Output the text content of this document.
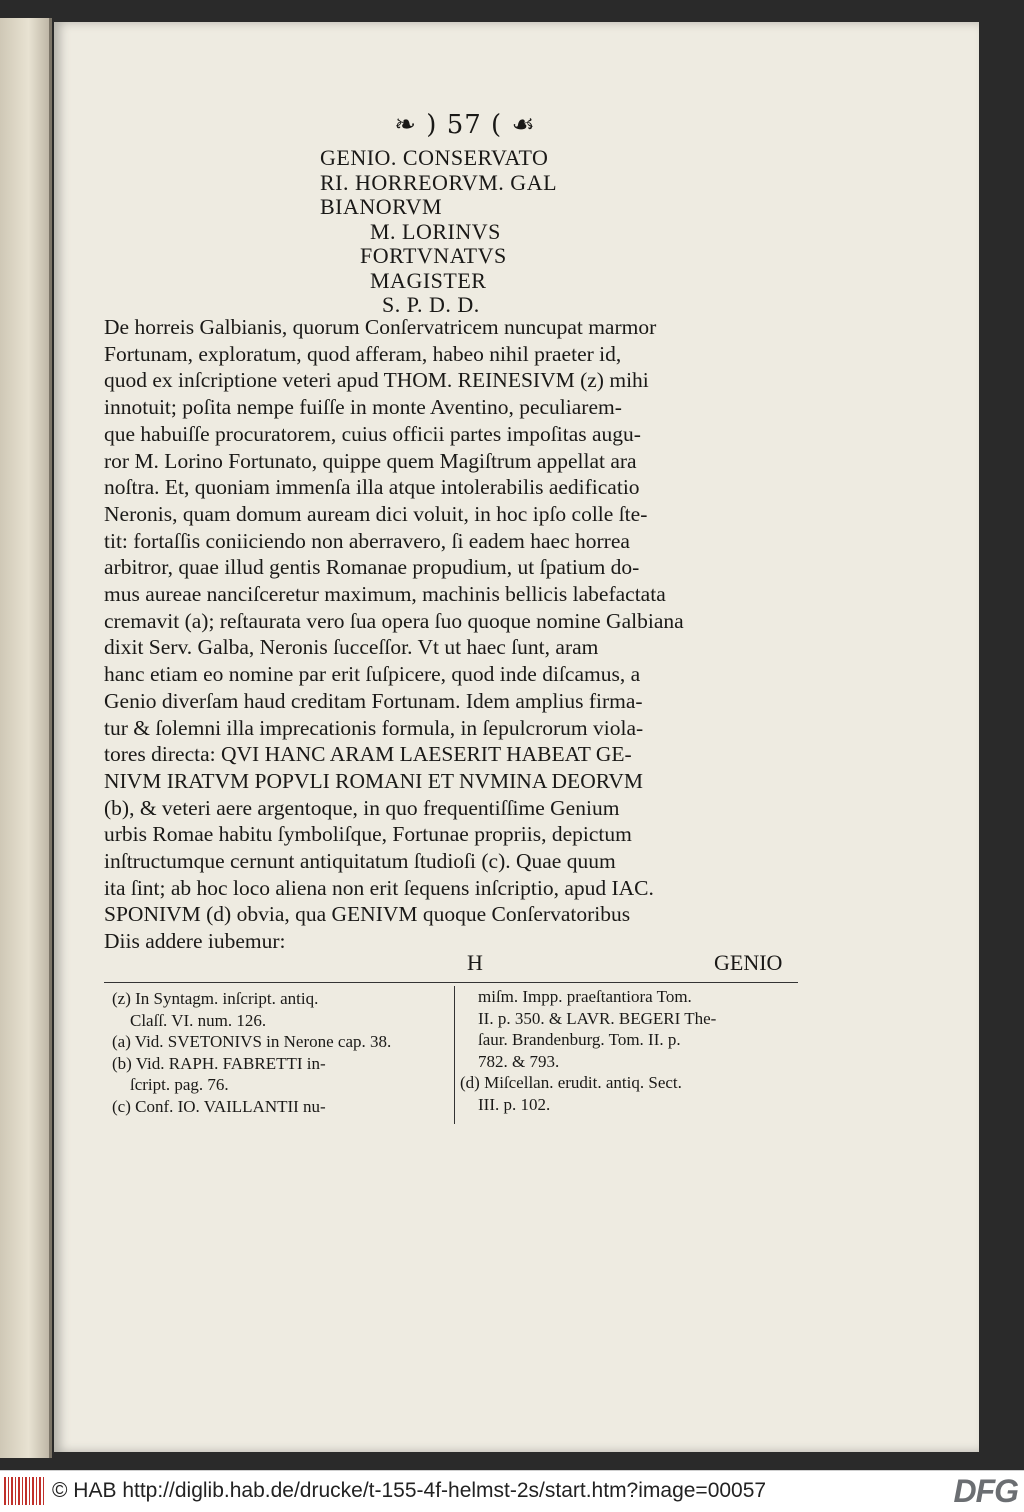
❧ ) 57 ( ☙
GENIO. CONSERVATO
RI. HORREORVM. GAL
BIANORVM
M. LORINVS
FORTVNATVS
MAGISTER
S. P. D. D.
De horreis Galbianis, quorum Conſervatricem nuncupat marmor
Fortunam, exploratum, quod afferam, habeo nihil praeter id,
quod ex inſcriptione veteri apud THOM. REINESIVM (z) mihi
innotuit; poſita nempe fuiſſe in monte Aventino, peculiarem-
que habuiſſe procuratorem, cuius officii partes impoſitas augu-
ror M. Lorino Fortunato, quippe quem Magiſtrum appellat ara
noſtra. Et, quoniam immenſa illa atque intolerabilis aedificatio
Neronis, quam domum auream dici voluit, in hoc ipſo colle ſte-
tit: fortaſſis coniiciendo non aberravero, ſi eadem haec horrea
arbitror, quae illud gentis Romanae propudium, ut ſpatium do-
mus aureae nanciſceretur maximum, machinis bellicis labefactata
cremavit (a); reſtaurata vero ſua opera ſuo quoque nomine Galbiana
dixit Serv. Galba, Neronis ſucceſſor. Vt ut haec ſunt, aram
hanc etiam eo nomine par erit ſuſpicere, quod inde diſcamus, a
Genio diverſam haud creditam Fortunam. Idem amplius firma-
tur & ſolemni illa imprecationis formula, in ſepulcrorum viola-
tores directa: QVI HANC ARAM LAESERIT HABEAT GE-
NIVM IRATVM POPVLI ROMANI ET NVMINA DEORVM
(b), & veteri aere argentoque, in quo frequentiſſime Genium
urbis Romae habitu ſymboliſque, Fortunae propriis, depictum
inſtructumque cernunt antiquitatum ſtudioſi (c). Quae quum
ita ſint; ab hoc loco aliena non erit ſequens inſcriptio, apud IAC.
SPONIVM (d) obvia, qua GENIVM quoque Conſervatoribus
Diis addere iubemur:
H	GENIO
(z) In Syntagm. inſcript. antiq.
Claſſ. VI. num. 126.
(a) Vid. SVETONIVS in Nerone cap. 38.
(b) Vid. RAPH. FABRETTI in-
ſcript. pag. 76.
(c) Conf. IO. VAILLANTII nu-
miſm. Impp. praeſtantiora Tom.
II. p. 350. & LAVR. BEGERI The-
ſaur. Brandenburg. Tom. II. p.
782. & 793.
(d) Miſcellan. erudit. antiq. Sect.
III. p. 102.
© HAB http://diglib.hab.de/drucke/t-155-4f-helmst-2s/start.htm?image=00057	DFG
